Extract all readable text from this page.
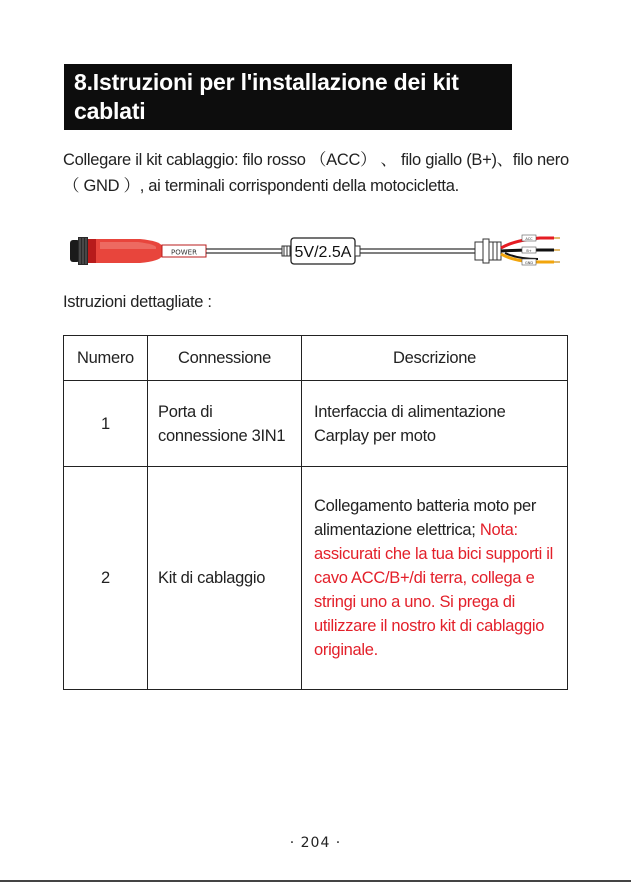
8.Istruzioni per l'installazione dei kit cablati
Collegare il kit cablaggio: filo rosso （ACC） 、 filo giallo (B+)、filo nero （ GND ）, ai terminali corrispondenti della motocicletta.
POWER	5V/2.5A
ACC
B+
GND
Istruzioni dettagliate :
Numero	Connessione	Descrizione
1	Porta di connessione 3IN1	Interfaccia di alimentazione Carplay per moto
2	Kit di cablaggio	Collegamento batteria moto per alimentazione elettrica; Nota: assicurati che la tua bici supporti il cavo ACC/B+/di terra, collega e stringi uno a uno. Si prega di utilizzare il nostro kit di cablaggio originale.
· 204 ·
